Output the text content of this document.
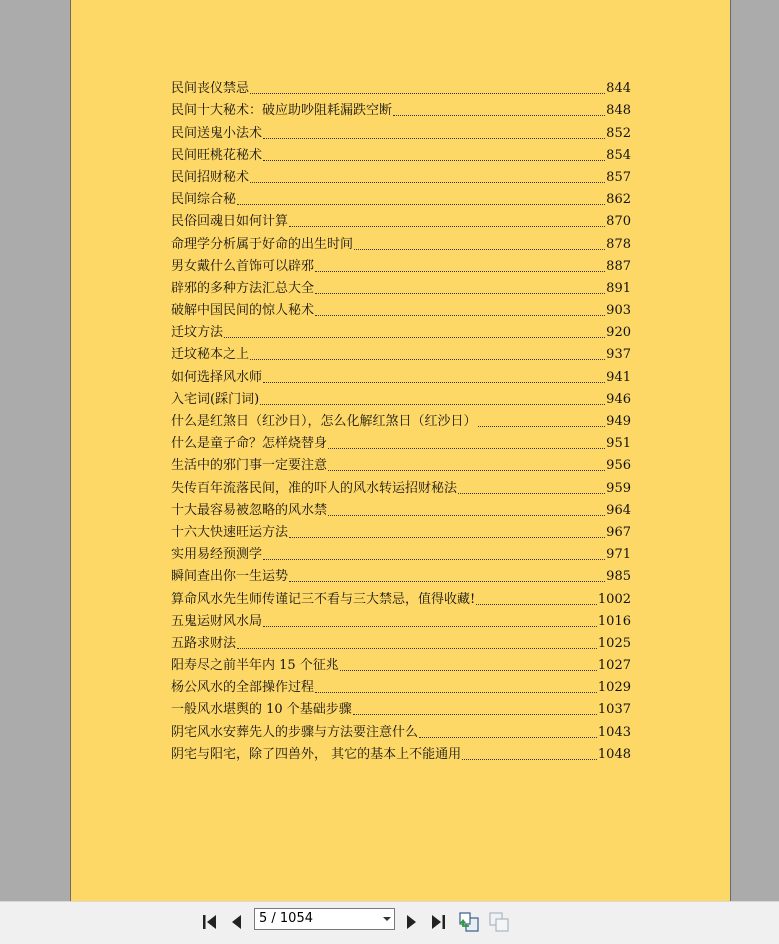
民间丧仪禁忌	844
民间十大秘术：破应助吵阻耗漏跌空断	848
民间送鬼小法术	852
民间旺桃花秘术	854
民间招财秘术	857
民间综合秘	862
民俗回魂日如何计算	870
命理学分析属于好命的出生时间	878
男女戴什么首饰可以辟邪	887
辟邪的多种方法汇总大全	891
破解中国民间的惊人秘术	903
迁坟方法	920
迁坟秘本之上	937
如何选择风水师	941
入宅词(踩门词)	946
什么是红煞日（红沙日），怎么化解红煞日（红沙日）	949
什么是童子命？怎样烧替身	951
生活中的邪门事一定要注意	956
失传百年流落民间，准的吓人的风水转运招财秘法	959
十大最容易被忽略的风水禁	964
十六大快速旺运方法	967
实用易经预测学	971
瞬间查出你一生运势	985
算命风水先生师传谨记三不看与三大禁忌，值得收藏!	1002
五鬼运财风水局	1016
五路求财法	1025
阳寿尽之前半年内 15 个征兆	1027
杨公风水的全部操作过程	1029
一般风水堪舆的 10 个基础步骤	1037
阴宅风水安葬先人的步骤与方法要注意什么	1043
阴宅与阳宅，除了四兽外， 其它的基本上不能通用	1048
5 / 1054
